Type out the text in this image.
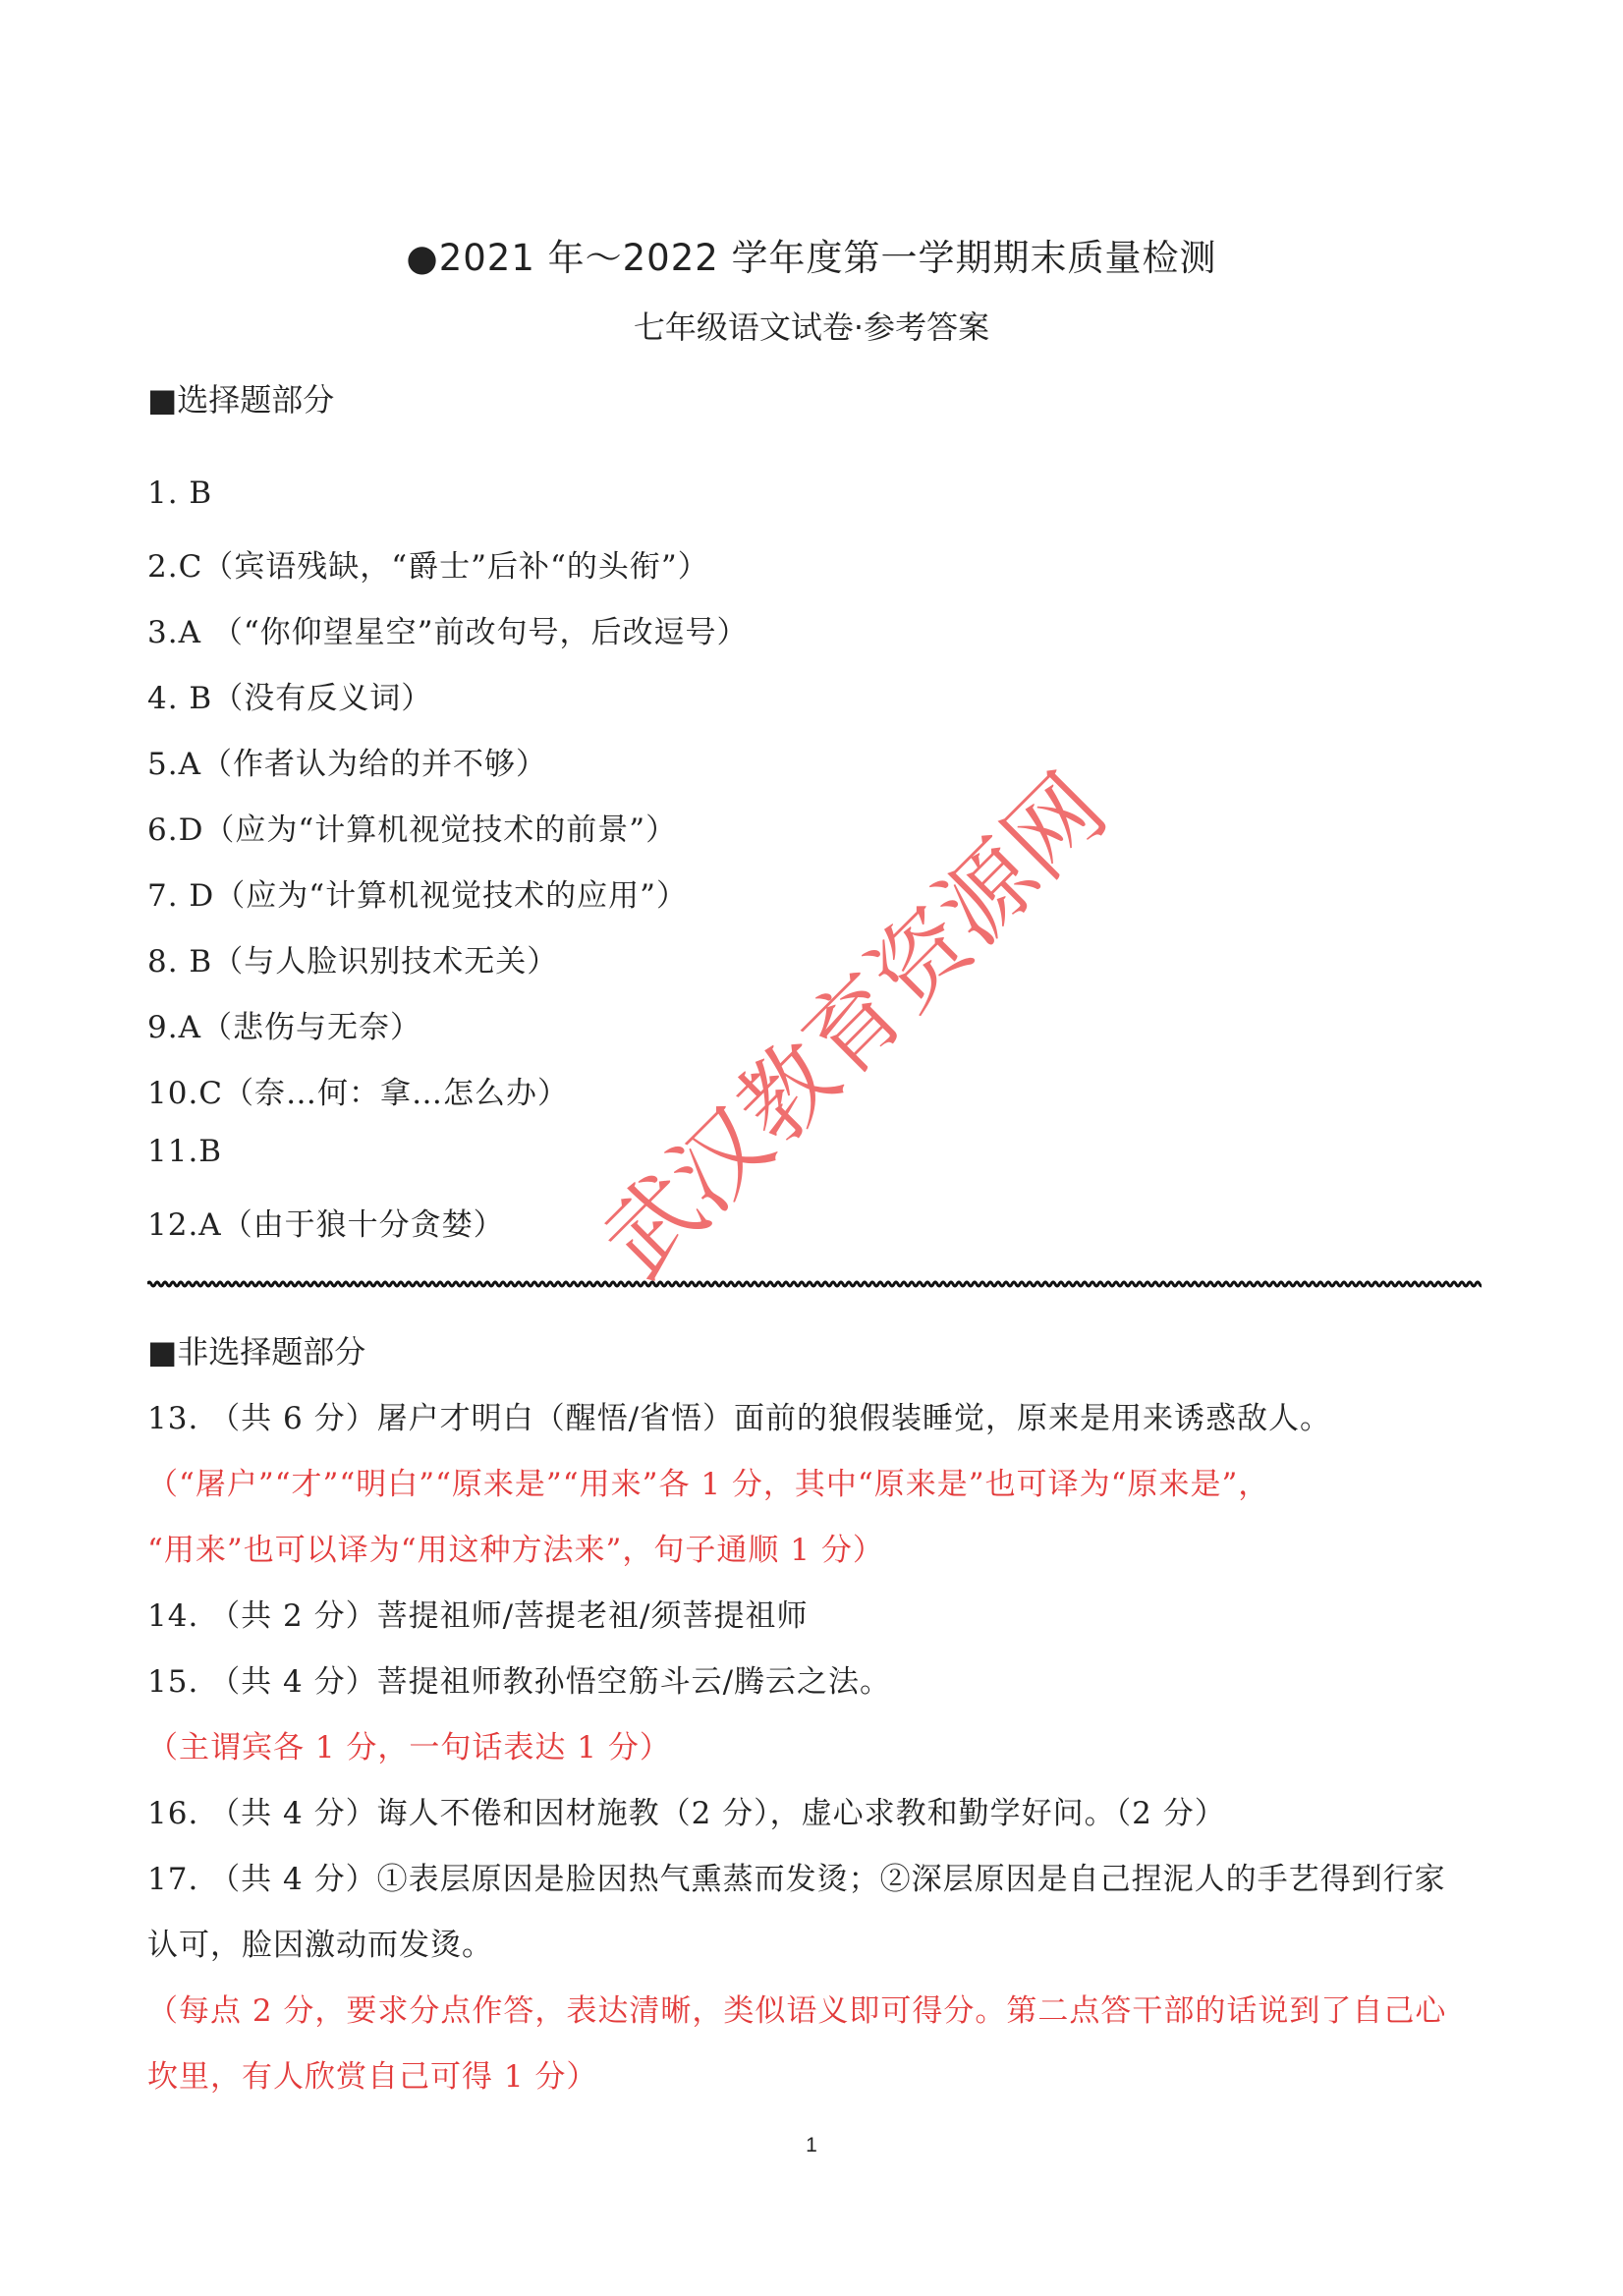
●2021 年～2022 学年度第一学期期末质量检测
七年级语文试卷·参考答案
■选择题部分
1. B
2.C（宾语残缺，“爵士”后补“的头衔”）
3.A （“你仰望星空”前改句号，后改逗号）
4. B（没有反义词）
5.A（作者认为给的并不够）
6.D（应为“计算机视觉技术的前景”）
7. D（应为“计算机视觉技术的应用”）
8. B（与人脸识别技术无关）
9.A（悲伤与无奈）
10.C（奈…何：拿…怎么办）
11.B
12.A（由于狼十分贪婪）
■非选择题部分
13. （共 6 分）屠户才明白（醒悟/省悟）面前的狼假装睡觉，原来是用来诱惑敌人。
（“屠户”“才”“明白”“原来是”“用来”各 1 分，其中“原来是”也可译为“原来是”，
“用来”也可以译为“用这种方法来”，句子通顺 1 分）
14. （共 2 分）菩提祖师/菩提老祖/须菩提祖师
15. （共 4 分）菩提祖师教孙悟空筋斗云/腾云之法。
（主谓宾各 1 分，一句话表达 1 分）
16. （共 4 分）诲人不倦和因材施教（2 分），虚心求教和勤学好问。（2 分）
17. （共 4 分）①表层原因是脸因热气熏蒸而发烫；②深层原因是自己捏泥人的手艺得到行家
认可，脸因激动而发烫。
（每点 2 分，要求分点作答，表达清晰，类似语义即可得分。第二点答干部的话说到了自己心
坎里，有人欣赏自己可得 1 分）
武汉教育资源网
1
